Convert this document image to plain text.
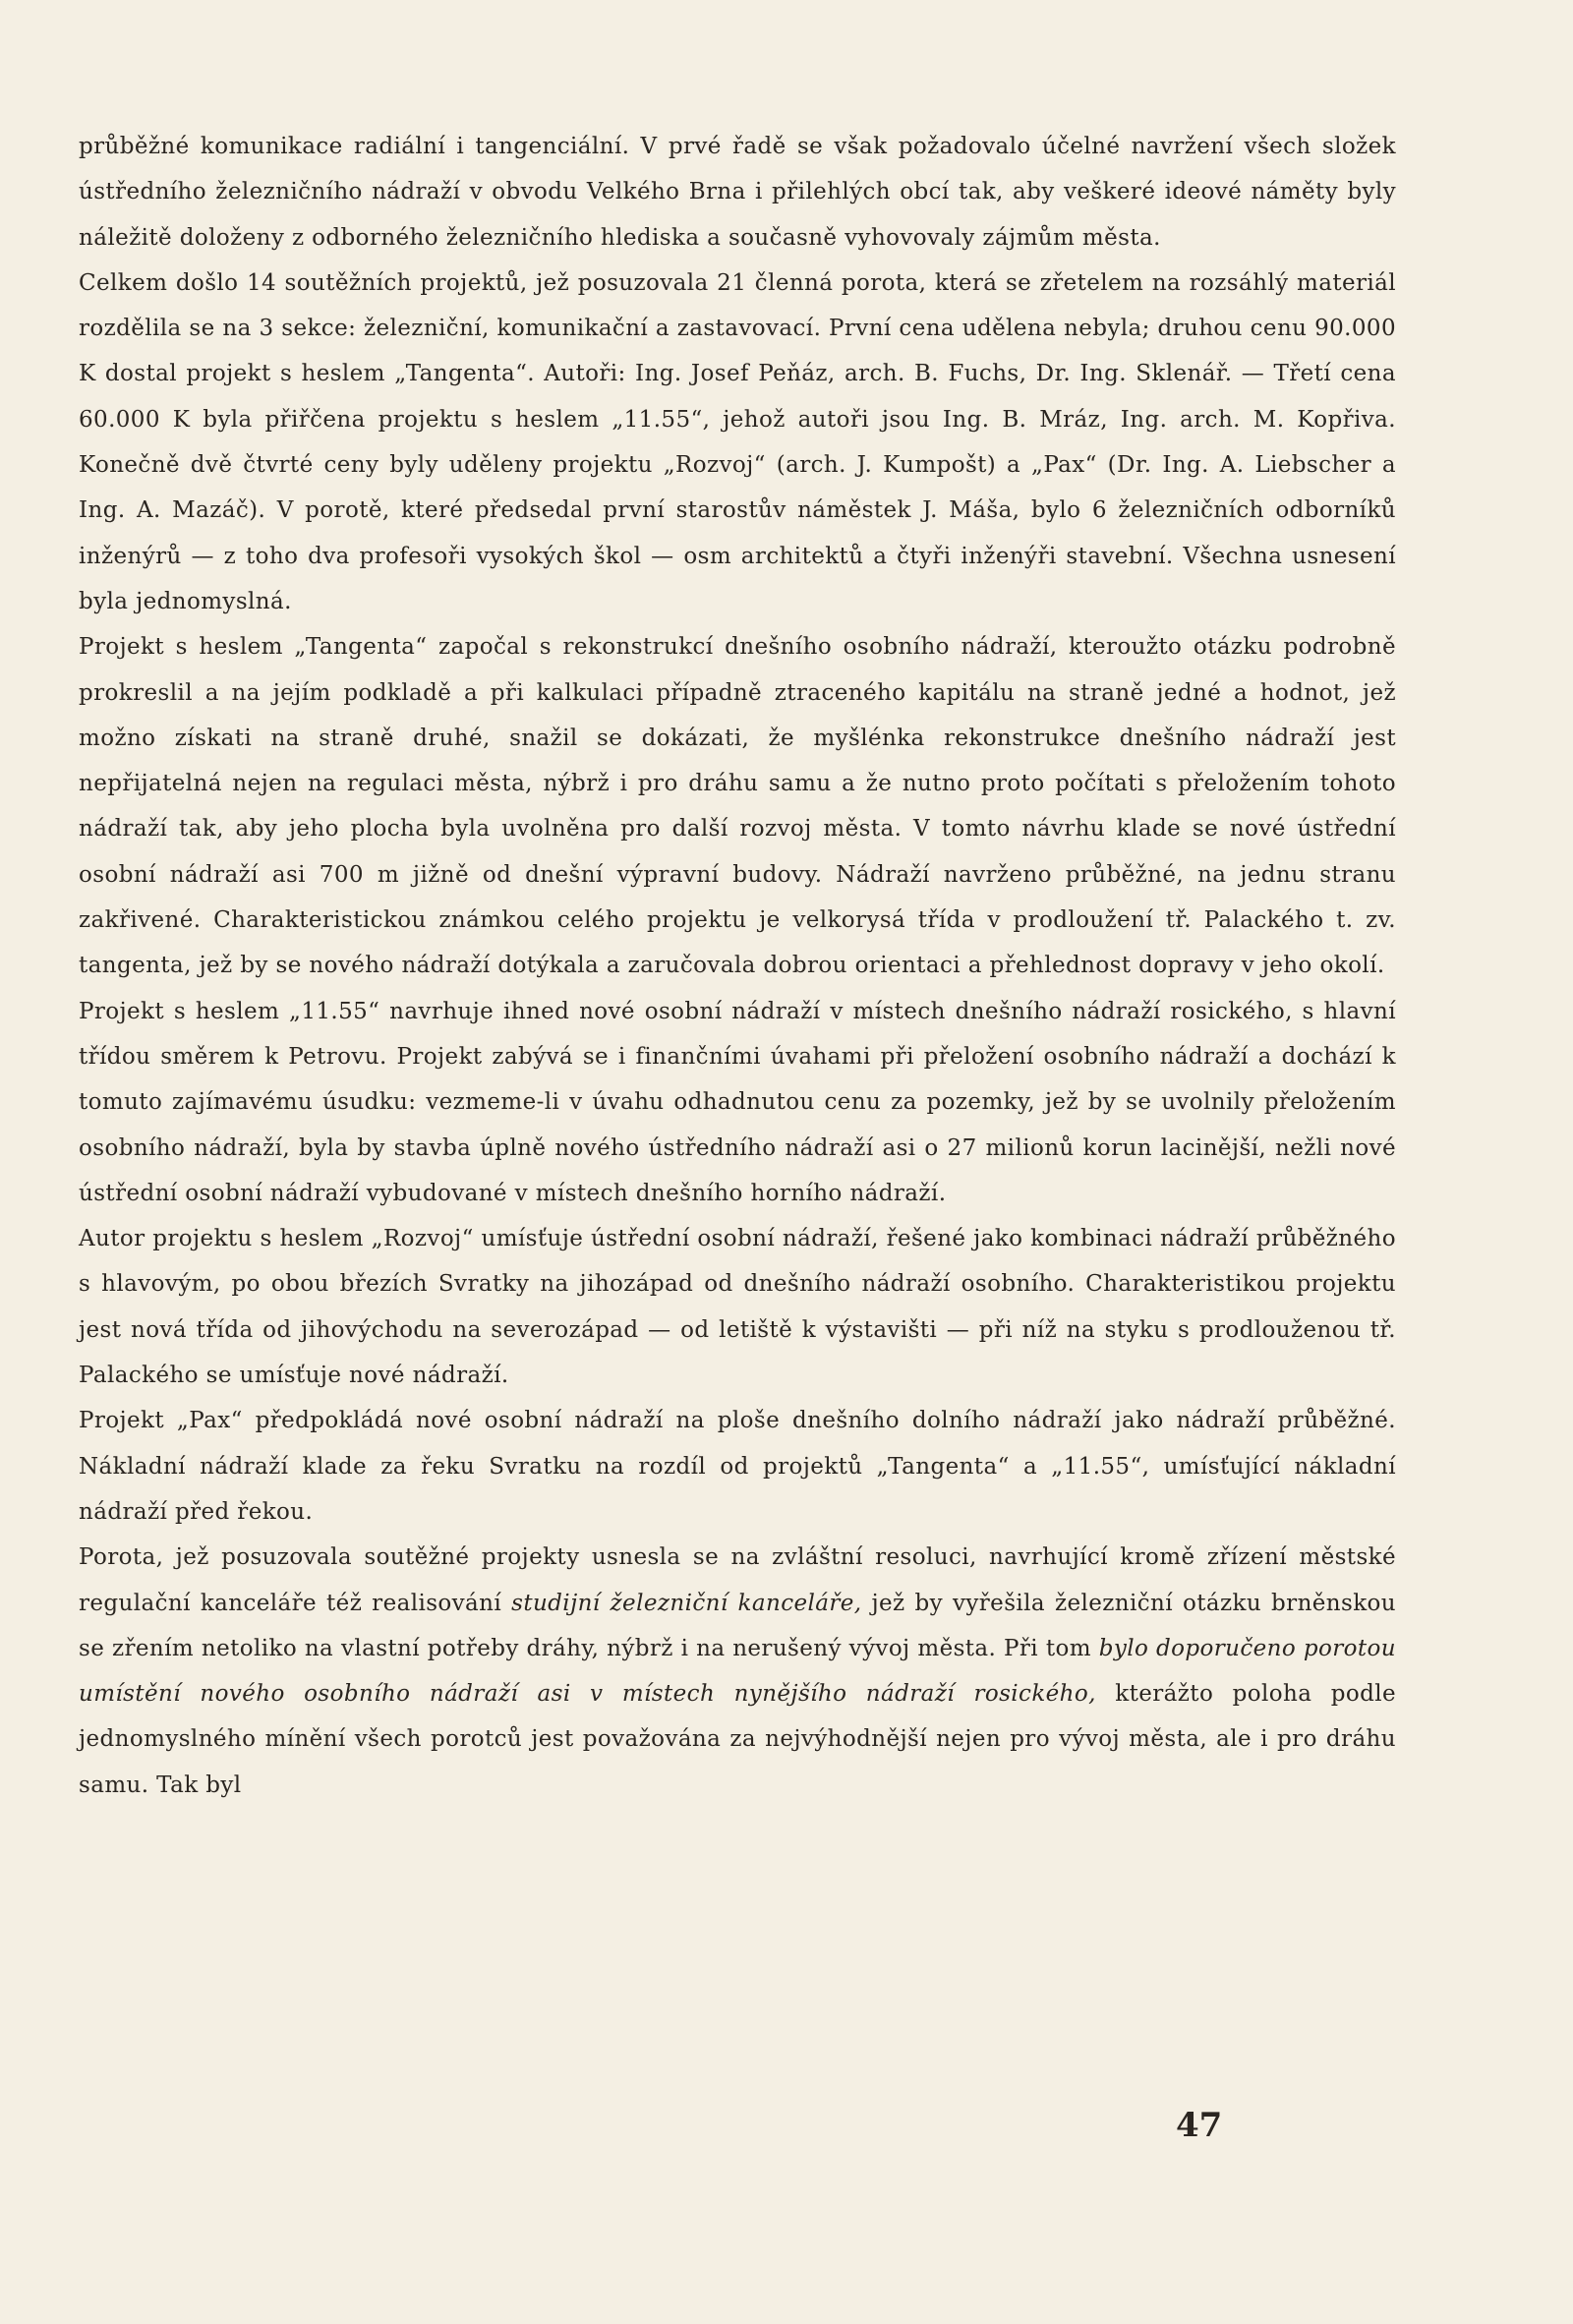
průběžné komunikace radiální i tangenciální. V prvé řadě se však požadovalo účelné navržení všech složek ústředního železničního nádraží v obvodu Velkého Brna i přilehlých obcí tak, aby veškeré ideové náměty byly náležitě doloženy z odborného železničního hlediska a současně vyhovovaly zájmům města.

Celkem došlo 14 soutěžních projektů, jež posuzovala 21 členná porota, která se zřetelem na rozsáhlý materiál rozdělila se na 3 sekce: železniční, komunikační a zastavovací. První cena udělena nebyla; druhou cenu 90.000 K dostal projekt s heslem „Tangenta“. Autoři: Ing. Josef Peňáz, arch. B. Fuchs, Dr. Ing. Sklenář. — Třetí cena 60.000 K byla přiřčena projektu s heslem „11.55“, jehož autoři jsou Ing. B. Mráz, Ing. arch. M. Kopřiva. Konečně dvě čtvrté ceny byly uděleny projektu „Rozvoj“ (arch. J. Kumpošt) a „Pax“ (Dr. Ing. A. Liebscher a Ing. A. Mazáč). V porotě, které předsedal první starostův náměstek J. Máša, bylo 6 železničních odborníků inženýrů — z toho dva profesoři vysokých škol — osm architektů a čtyři inženýři stavební. Všechna usnesení byla jednomyslná.

Projekt s heslem „Tangenta“ započal s rekonstrukcí dnešního osobního nádraží, kteroužto otázku podrobně prokreslil a na jejím podkladě a při kalkulaci případně ztraceného kapitálu na straně jedné a hodnot, jež možno získati na straně druhé, snažil se dokázati, že myšlénka rekonstrukce dnešního nádraží jest nepřijatelná nejen na regulaci města, nýbrž i pro dráhu samu a že nutno proto počítati s přeložením tohoto nádraží tak, aby jeho plocha byla uvolněna pro další rozvoj města. V tomto návrhu klade se nové ústřední osobní nádraží asi 700 m jižně od dnešní výpravní budovy. Nádraží navrženo průběžné, na jednu stranu zakřivené. Charakteristickou známkou celého projektu je velkorysá třída v prodloužení tř. Palackého t. zv. tangenta, jež by se nového nádraží dotýkala a zaručovala dobrou orientaci a přehlednost dopravy v jeho okolí.

Projekt s heslem „11.55“ navrhuje ihned nové osobní nádraží v místech dnešního nádraží rosického, s hlavní třídou směrem k Petrovu. Projekt zabývá se i finančními úvahami při přeložení osobního nádraží a dochází k tomuto zajímavému úsudku: vezmeme-li v úvahu odhadnutou cenu za pozemky, jež by se uvolnily přeložením osobního nádraží, byla by stavba úplně nového ústředního nádraží asi o 27 milionů korun lacinější, nežli nové ústřední osobní nádraží vybudované v místech dnešního horního nádraží.

Autor projektu s heslem „Rozvoj“ umísťuje ústřední osobní nádraží, řešené jako kombinaci nádraží průběžného s hlavovým, po obou březích Svratky na jihozápad od dnešního nádraží osobního. Charakteristikou projektu jest nová třída od jihovýchodu na severozápad — od letiště k výstavišti — při níž na styku s prodlouženou tř. Palackého se umísťuje nové nádraží.

Projekt „Pax“ předpokládá nové osobní nádraží na ploše dnešního dolního nádraží jako nádraží průběžné. Nákladní nádraží klade za řeku Svratku na rozdíl od projektů „Tangenta“ a „11.55“, umísťující nákladní nádraží před řekou.

Porota, jež posuzovala soutěžné projekty usnesla se na zvláštní resoluci, navrhující kromě zřízení městské regulační kanceláře též realisování studijní železniční kanceláře, jež by vyřešila železniční otázku brněnskou se zřením netoliko na vlastní potřeby dráhy, nýbrž i na nerušený vývoj města. Při tom bylo doporučeno porotou umístění nového osobního nádraží asi v místech nynějšího nádraží rosického, kterážto poloha podle jednomyslného mínění všech porotců jest považována za nejvýhodnější nejen pro vývoj města, ale i pro dráhu samu. Tak byl

47
